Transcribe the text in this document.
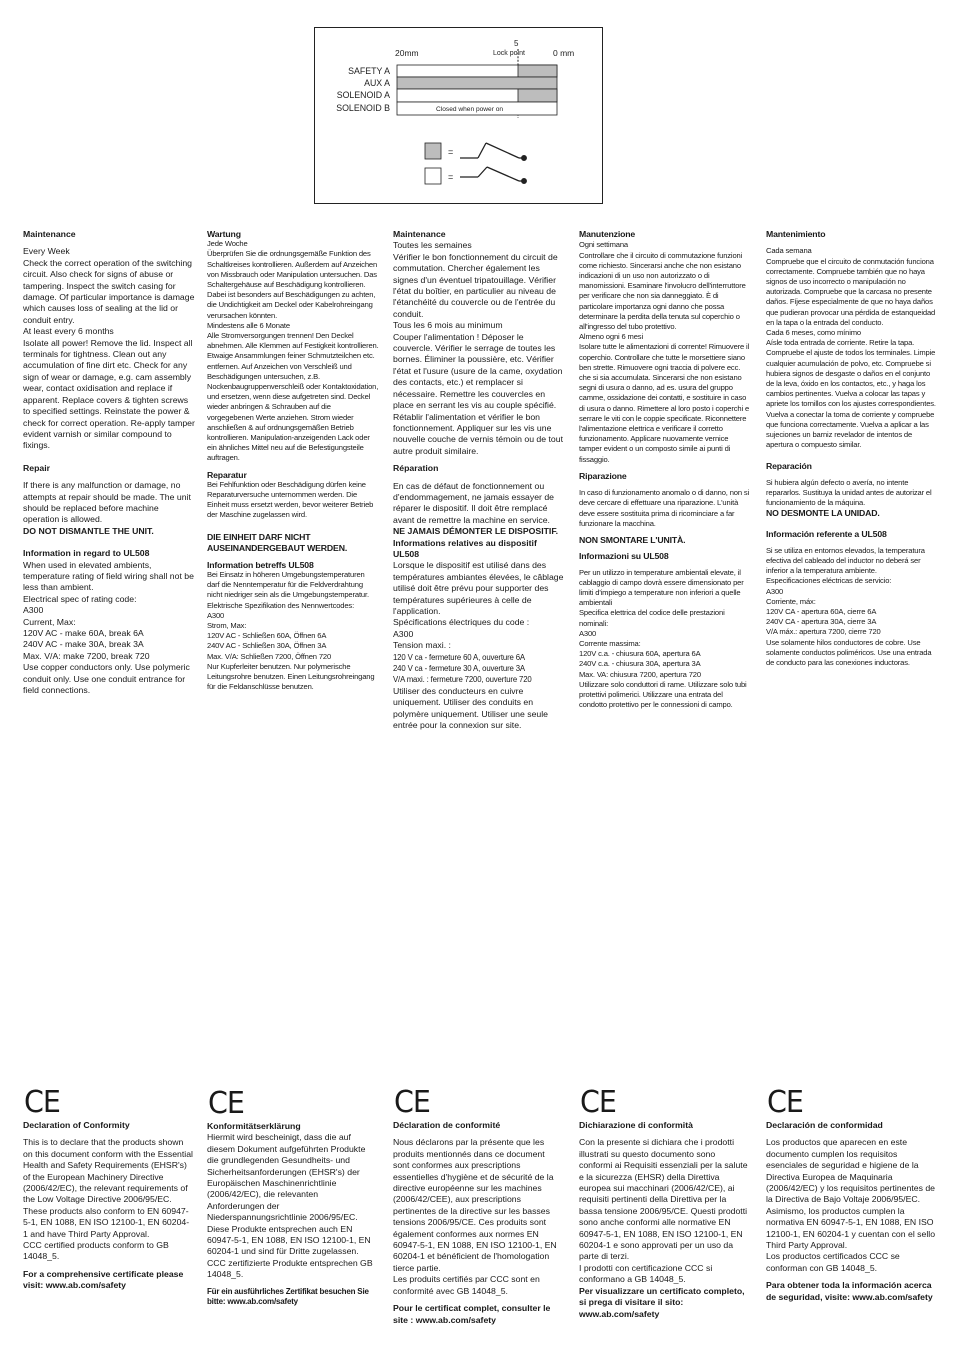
20mm
5
Lock point	0 mm
SAFETY A
AUX A
SOLENOID A
SOLENOID B	Closed when power on
=
=

Maintenance

Every Week
Check the correct operation of the switching circuit. Also check for signs of abuse or tampering. Inspect the switch casing for damage. Of particular importance is damage which causes loss of sealing at the lid or conduit entry.
At least every 6 months
Isolate all power! Remove the lid. Inspect all terminals for tightness. Clean out any accumulation of fine dirt etc. Check for any sign of wear or damage, e.g. cam assembly wear, contact oxidisation and replace if apparent. Replace covers & tighten screws to specified settings. Reinstate the power & check for correct operation. Re-apply tamper evident varnish or similar compound to fixings.

Repair

If there is any malfunction or damage, no attempts at repair should be made. The unit should be replaced before machine operation is allowed.

DO NOT DISMANTLE THE UNIT.

Information in regard to UL508

When used in elevated ambients, temperature rating of field wiring shall not be less than ambient.
Electrical spec of rating code:
A300
Current, Max:
120V AC - make 60A, break 6A
240V AC - make 30A, break 3A
Max. V/A: make 7200, break 720
Use copper conductors only. Use polymeric conduit only. Use one conduit entrance for field connections.

Wartung

Jede Woche
Überprüfen Sie die ordnungsgemäße Funktion des Schaltkreises kontrollieren. Außerdem auf Anzeichen von Missbrauch oder Manipulation untersuchen. Das Schaltergehäuse auf Beschädigung kontrollieren. Dabei ist besonders auf Beschädigungen zu achten, die Undichtigkeit am Deckel oder Kabelrohreingang verursachen könnten.
Mindestens alle 6 Monate
Alle Stromversorgungen trennen! Den Deckel abnehmen. Alle Klemmen auf Festigkeit kontrollieren. Etwaige Ansammlungen feiner Schmutzteilchen etc. entfernen. Auf Anzeichen von Verschleiß und Beschädigungen untersuchen, z.B. Nockenbaugruppenverschleiß oder Kontaktoxidation, und ersetzen, wenn diese aufgetreten sind. Deckel wieder anbringen & Schrauben auf die vorgegebenen Werte anziehen. Strom wieder anschließen & auf ordnungsgemäßen Betrieb kontrollieren. Manipulation-anzeigenden Lack oder ein ähnliches Mittel neu auf die Befestigungsteile auftragen.

Reparatur

Bei Fehlfunktion oder Beschädigung dürfen keine Reparaturversuche unternommen werden. Die Einheit muss ersetzt werden, bevor weiterer Betrieb der Maschine zugelassen wird.

DIE EINHEIT DARF NICHT AUSEINANDERGEBAUT WERDEN.

Information betreffs UL508

Bei Einsatz in höheren Umgebungstemperaturen darf die Nenntemperatur für die Feldverdrahtung nicht niedriger sein als die Umgebungstemperatur.
Elektrische Spezifikation des Nennwertcodes:
A300
Strom, Max:
120V AC - Schließen 60A, Öffnen 6A
240V AC - Schließen 30A, Öffnen 3A
Max. V/A: Schließen 7200, Öffnen 720
Nur Kupferleiter benutzen. Nur polymerische Leitungsrohre benutzen. Einen Leitungsrohreingang für die Feldanschlüsse benutzen.

Maintenance

Toutes les semaines
Vérifier le bon fonctionnement du circuit de commutation. Chercher également les signes d'un éventuel tripatouillage. Vérifier l'état du boîtier, en particulier au niveau de l'étanchéité du couvercle ou de l'entrée du conduit.
Tous les 6 mois au minimum
Couper l'alimentation ! Déposer le couvercle. Vérifier le serrage de toutes les bornes. Éliminer la poussière, etc. Vérifier l'état et l'usure (usure de la came, oxydation des contacts, etc.) et remplacer si nécessaire. Remettre les couvercles en place en serrant les vis au couple spécifié. Rétablir l'alimentation et vérifier le bon fonctionnement. Appliquer sur les vis une nouvelle couche de vernis témoin ou de tout autre produit similaire.

Réparation

En cas de défaut de fonctionnement ou d'endommagement, ne jamais essayer de réparer le dispositif. Il doit être remplacé avant de remettre la machine en service.

NE JAMAIS DÉMONTER LE DISPOSITIF.

Informations relatives au dispositif UL508

Lorsque le dispositif est utilisé dans des températures ambiantes élevées, le câblage utilisé doit être prévu pour supporter des températures supérieures à celle de l'application.
Spécifications électriques du code :
A300
Tension maxi. :

120 V ca - fermeture 60 A, ouverture 6A
240 V ca - fermeture 30 A, ouverture 3A
V/A maxi. : fermeture 7200, ouverture 720

Utiliser des conducteurs en cuivre uniquement. Utiliser des conduits en polymère uniquement. Utiliser une seule entrée pour la connexion sur site.

Manutenzione

Ogni settimana
Controllare che il circuito di commutazione funzioni come richiesto. Sincerarsi anche che non esistano indicazioni di un uso non autorizzato o di manomissioni. Esaminare l'involucro dell'interruttore per verificare che non sia danneggiato. È di particolare importanza ogni danno che possa determinare la perdita della tenuta sul coperchio o all'ingresso del tubo protettivo.
Almeno ogni 6 mesi
Isolare tutte le alimentazioni di corrente! Rimuovere il coperchio. Controllare che tutte le morsettiere siano ben strette. Rimuovere ogni traccia di polvere ecc. che si sia accumulata. Sincerarsi che non esistano segni di usura o danno, ad es. usura del gruppo camme, ossidazione dei contatti, e sostituire in caso di usura o danno. Rimettere al loro posto i coperchi e serrare le viti con le coppie specificate. Riconnettere l'alimentazione elettrica e verificare il corretto funzionamento. Applicare nuovamente vernice tamper evident o un composto simile ai punti di fissaggio.

Riparazione

In caso di funzionamento anomalo o di danno, non si deve cercare di effettuare una riparazione. L'unità deve essere sostituita prima di ricominciare a far funzionare la macchina.

NON SMONTARE L'UNITÀ.

Informazioni su UL508

Per un utilizzo in temperature ambientali elevate, il cablaggio di campo dovrà essere dimensionato per limiti d'impiego a temperature non inferiori a quelle ambientali
Specifica elettrica del codice delle prestazioni nominali:
A300
Corrente massima:
120V c.a. - chiusura 60A, apertura 6A
240V c.a. - chiusura 30A, apertura 3A
Max. VA: chiusura 7200, apertura 720
Utilizzare solo conduttori di rame. Utilizzare solo tubi protettivi polimerici. Utilizzare una entrata del condotto protettivo per le connessioni di campo.

Mantenimiento

Cada semana
Compruebe que el circuito de conmutación funciona correctamente. Compruebe también que no haya signos de uso incorrecto o manipulación no autorizada. Compruebe que la carcasa no presente daños. Fíjese especialmente de que no haya daños que pudieran provocar una pérdida de estanqueidad en la tapa o la entrada del conducto.
Cada 6 meses, como mínimo
Aísle toda entrada de corriente. Retire la tapa. Compruebe el ajuste de todos los terminales. Limpie cualquier acumulación de polvo, etc. Compruebe si hubiera signos de desgaste o daños en el conjunto de la leva, óxido en los contactos, etc., y haga los cambios pertinentes. Vuelva a colocar las tapas y apriete los tornillos con los ajustes correspondientes. Vuelva a conectar la toma de corriente y compruebe que funciona correctamente. Vuelva a aplicar a las sujeciones un barniz revelador de intentos de apertura o compuesto similar.

Reparación

Si hubiera algún defecto o avería, no intente repararlos. Sustituya la unidad antes de autorizar el funcionamiento de la máquina.

NO DESMONTE LA UNIDAD.

Información referente a UL508

Si se utiliza en entornos elevados, la temperatura efectiva del cableado del inductor no deberá ser inferior a la temperatura ambiente.
Especificaciones eléctricas de servicio:
A300
Corriente, máx:
120V CA - apertura 60A, cierre 6A
240V CA - apertura 30A, cierre 3A
V/A máx.: apertura 7200, cierre 720
Use solamente hilos conductores de cobre. Use solamente conductos poliméricos. Use una entrada de conducto para las conexiones inductoras.

CE

Declaration of Conformity

This is to declare that the products shown on this document conform with the Essential Health and Safety Requirements (EHSR's) of the European Machinery Directive (2006/42/EC), the relevant requirements of the Low Voltage Directive 2006/95/EC. These products also conform to EN 60947-5-1, EN 1088, EN ISO 12100-1, EN 60204-1 and have Third Party Approval.
CCC certified products conform to GB 14048_5.

For a comprehensive certificate please visit: www.ab.com/safety

CE

Konformitätserklärung

Hiermit wird bescheinigt, dass die auf diesem Dokument aufgeführten Produkte die grundlegenden Gesundheits- und Sicherheitsanforderungen (EHSR's) der Europäischen Maschinenrichtlinie (2006/42/EC), die relevanten Anforderungen der Niederspannungsrichtlinie 2006/95/EC. Diese Produkte entsprechen auch EN 60947-5-1, EN 1088, EN ISO 12100-1, EN 60204-1 und sind für Dritte zugelassen.
CCC zertifizierte Produkte entsprechen GB 14048_5.

Für ein ausführliches Zertifikat besuchen Sie bitte: www.ab.com/safety

CE

Déclaration de conformité

Nous déclarons par la présente que les produits mentionnés dans ce document sont conformes aux prescriptions essentielles d'hygiène et de sécurité de la directive européenne sur les machines (2006/42/CEE), aux prescriptions pertinentes de la directive sur les basses tensions 2006/95/CE. Ces produits sont également conformes aux normes EN 60947-5-1, EN 1088, EN ISO 12100-1, EN 60204-1 et bénéficient de l'homologation tierce partie.
Les produits certifiés par CCC sont en conformité avec GB 14048_5.

Pour le certificat complet, consulter le site : www.ab.com/safety

CE

Dichiarazione di conformità

Con la presente si dichiara che i prodotti illustrati su questo documento sono conformi ai Requisiti essenziali per la salute e la sicurezza (EHSR) della Direttiva europea sui macchinari (2006/42/CE), ai requisiti pertinenti della Direttiva per la bassa tensione 2006/95/CE. Questi prodotti sono anche conformi alle normative EN 60947-5-1, EN 1088, EN ISO 12100-1, EN 60204-1 e sono approvati per un uso da parte di terzi.
I prodotti con certificazione CCC si conformano a GB 14048_5.

Per visualizzare un certificato completo, si prega di visitare il sito: www.ab.com/safety

CE

Declaración de conformidad

Los productos que aparecen en este documento cumplen los requisitos esenciales de seguridad e higiene de la Directiva Europea de Maquinaria (2006/42/EC) y los requisitos pertinentes de la Directiva de Bajo Voltaje 2006/95/EC. Asimismo, los productos cumplen la normativa EN 60947-5-1, EN 1088, EN ISO 12100-1, EN 60204-1 y cuentan con el sello Third Party Approval.
Los productos certificados CCC se conforman con GB 14048_5.

Para obtener toda la información acerca de seguridad, visite: www.ab.com/safety
